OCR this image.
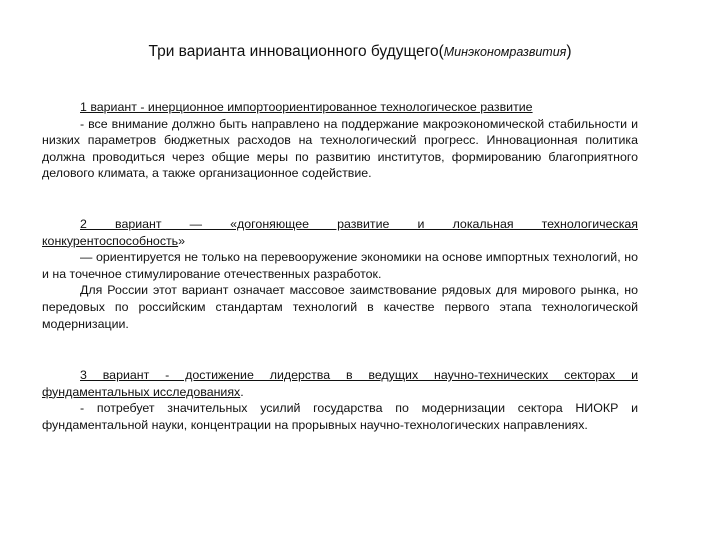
Три варианта инновационного будущего(Минэкономразвития)

1 вариант - инерционное импортоориентированное технологическое развитие

- все внимание должно быть направлено на поддержание макроэкономической стабильности и низких параметров бюджетных расходов на технологический прогресс. Инновационная политика должна проводиться через общие меры по развитию институтов, формированию благоприятного делового климата, а также организационное содействие.

2 вариант — «догоняющее развитие и локальная технологическая

конкурентоспособность»

— ориентируется не только на перевооружение экономики на основе импортных технологий, но и на точечное стимулирование отечественных разработок.

Для России этот вариант означает массовое заимствование рядовых для мирового рынка, но передовых по российским стандартам технологий в качестве первого этапа технологической модернизации.

3 вариант - достижение лидерства в ведущих научно-технических секторах и

фундаментальных исследованиях.

- потребует значительных усилий государства по модернизации сектора НИОКР и фундаментальной науки, концентрации на прорывных научно-технологических направлениях.
